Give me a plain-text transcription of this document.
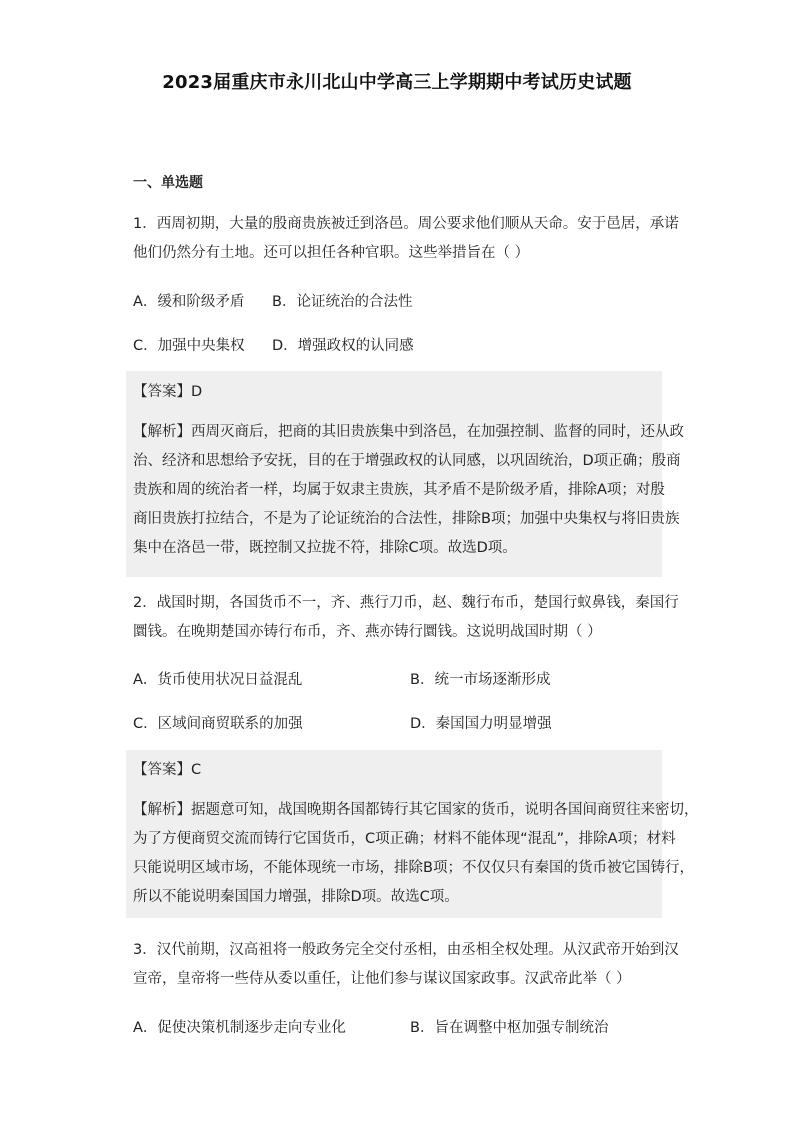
2023届重庆市永川北山中学高三上学期期中考试历史试题
一、单选题
1．西周初期，大量的殷商贵族被迁到洛邑。周公要求他们顺从天命。安于邑居，承诺
他们仍然分有土地。还可以担任各种官职。这些举措旨在（ ）
A．缓和阶级矛盾 B．论证统治的合法性
C．加强中央集权 D．增强政权的认同感
【答案】D
【解析】西周灭商后，把商的其旧贵族集中到洛邑，在加强控制、监督的同时，还从政
治、经济和思想给予安抚，目的在于增强政权的认同感，以巩固统治，D项正确；殷商
贵族和周的统治者一样，均属于奴隶主贵族，其矛盾不是阶级矛盾，排除A项；对殷
商旧贵族打拉结合，不是为了论证统治的合法性，排除B项；加强中央集权与将旧贵族
集中在洛邑一带，既控制又拉拢不符，排除C项。故选D项。
2．战国时期，各国货币不一，齐、燕行刀币，赵、魏行布币，楚国行蚁鼻钱，秦国行
圜钱。在晚期楚国亦铸行布币，齐、燕亦铸行圜钱。这说明战国时期（ ）
A．货币使用状况日益混乱	B．统一市场逐渐形成
C．区域间商贸联系的加强	D．秦国国力明显增强
【答案】C
【解析】据题意可知，战国晚期各国都铸行其它国家的货币，说明各国间商贸往来密切，
为了方便商贸交流而铸行它国货币，C项正确；材料不能体现“混乱”，排除A项；材料
只能说明区域市场，不能体现统一市场，排除B项；不仅仅只有秦国的货币被它国铸行，
所以不能说明秦国国力增强，排除D项。故选C项。
3．汉代前期，汉高祖将一般政务完全交付丞相，由丞相全权处理。从汉武帝开始到汉
宣帝，皇帝将一些侍从委以重任，让他们参与谋议国家政事。汉武帝此举（ ）
A．促使决策机制逐步走向专业化	B．旨在调整中枢加强专制统治
